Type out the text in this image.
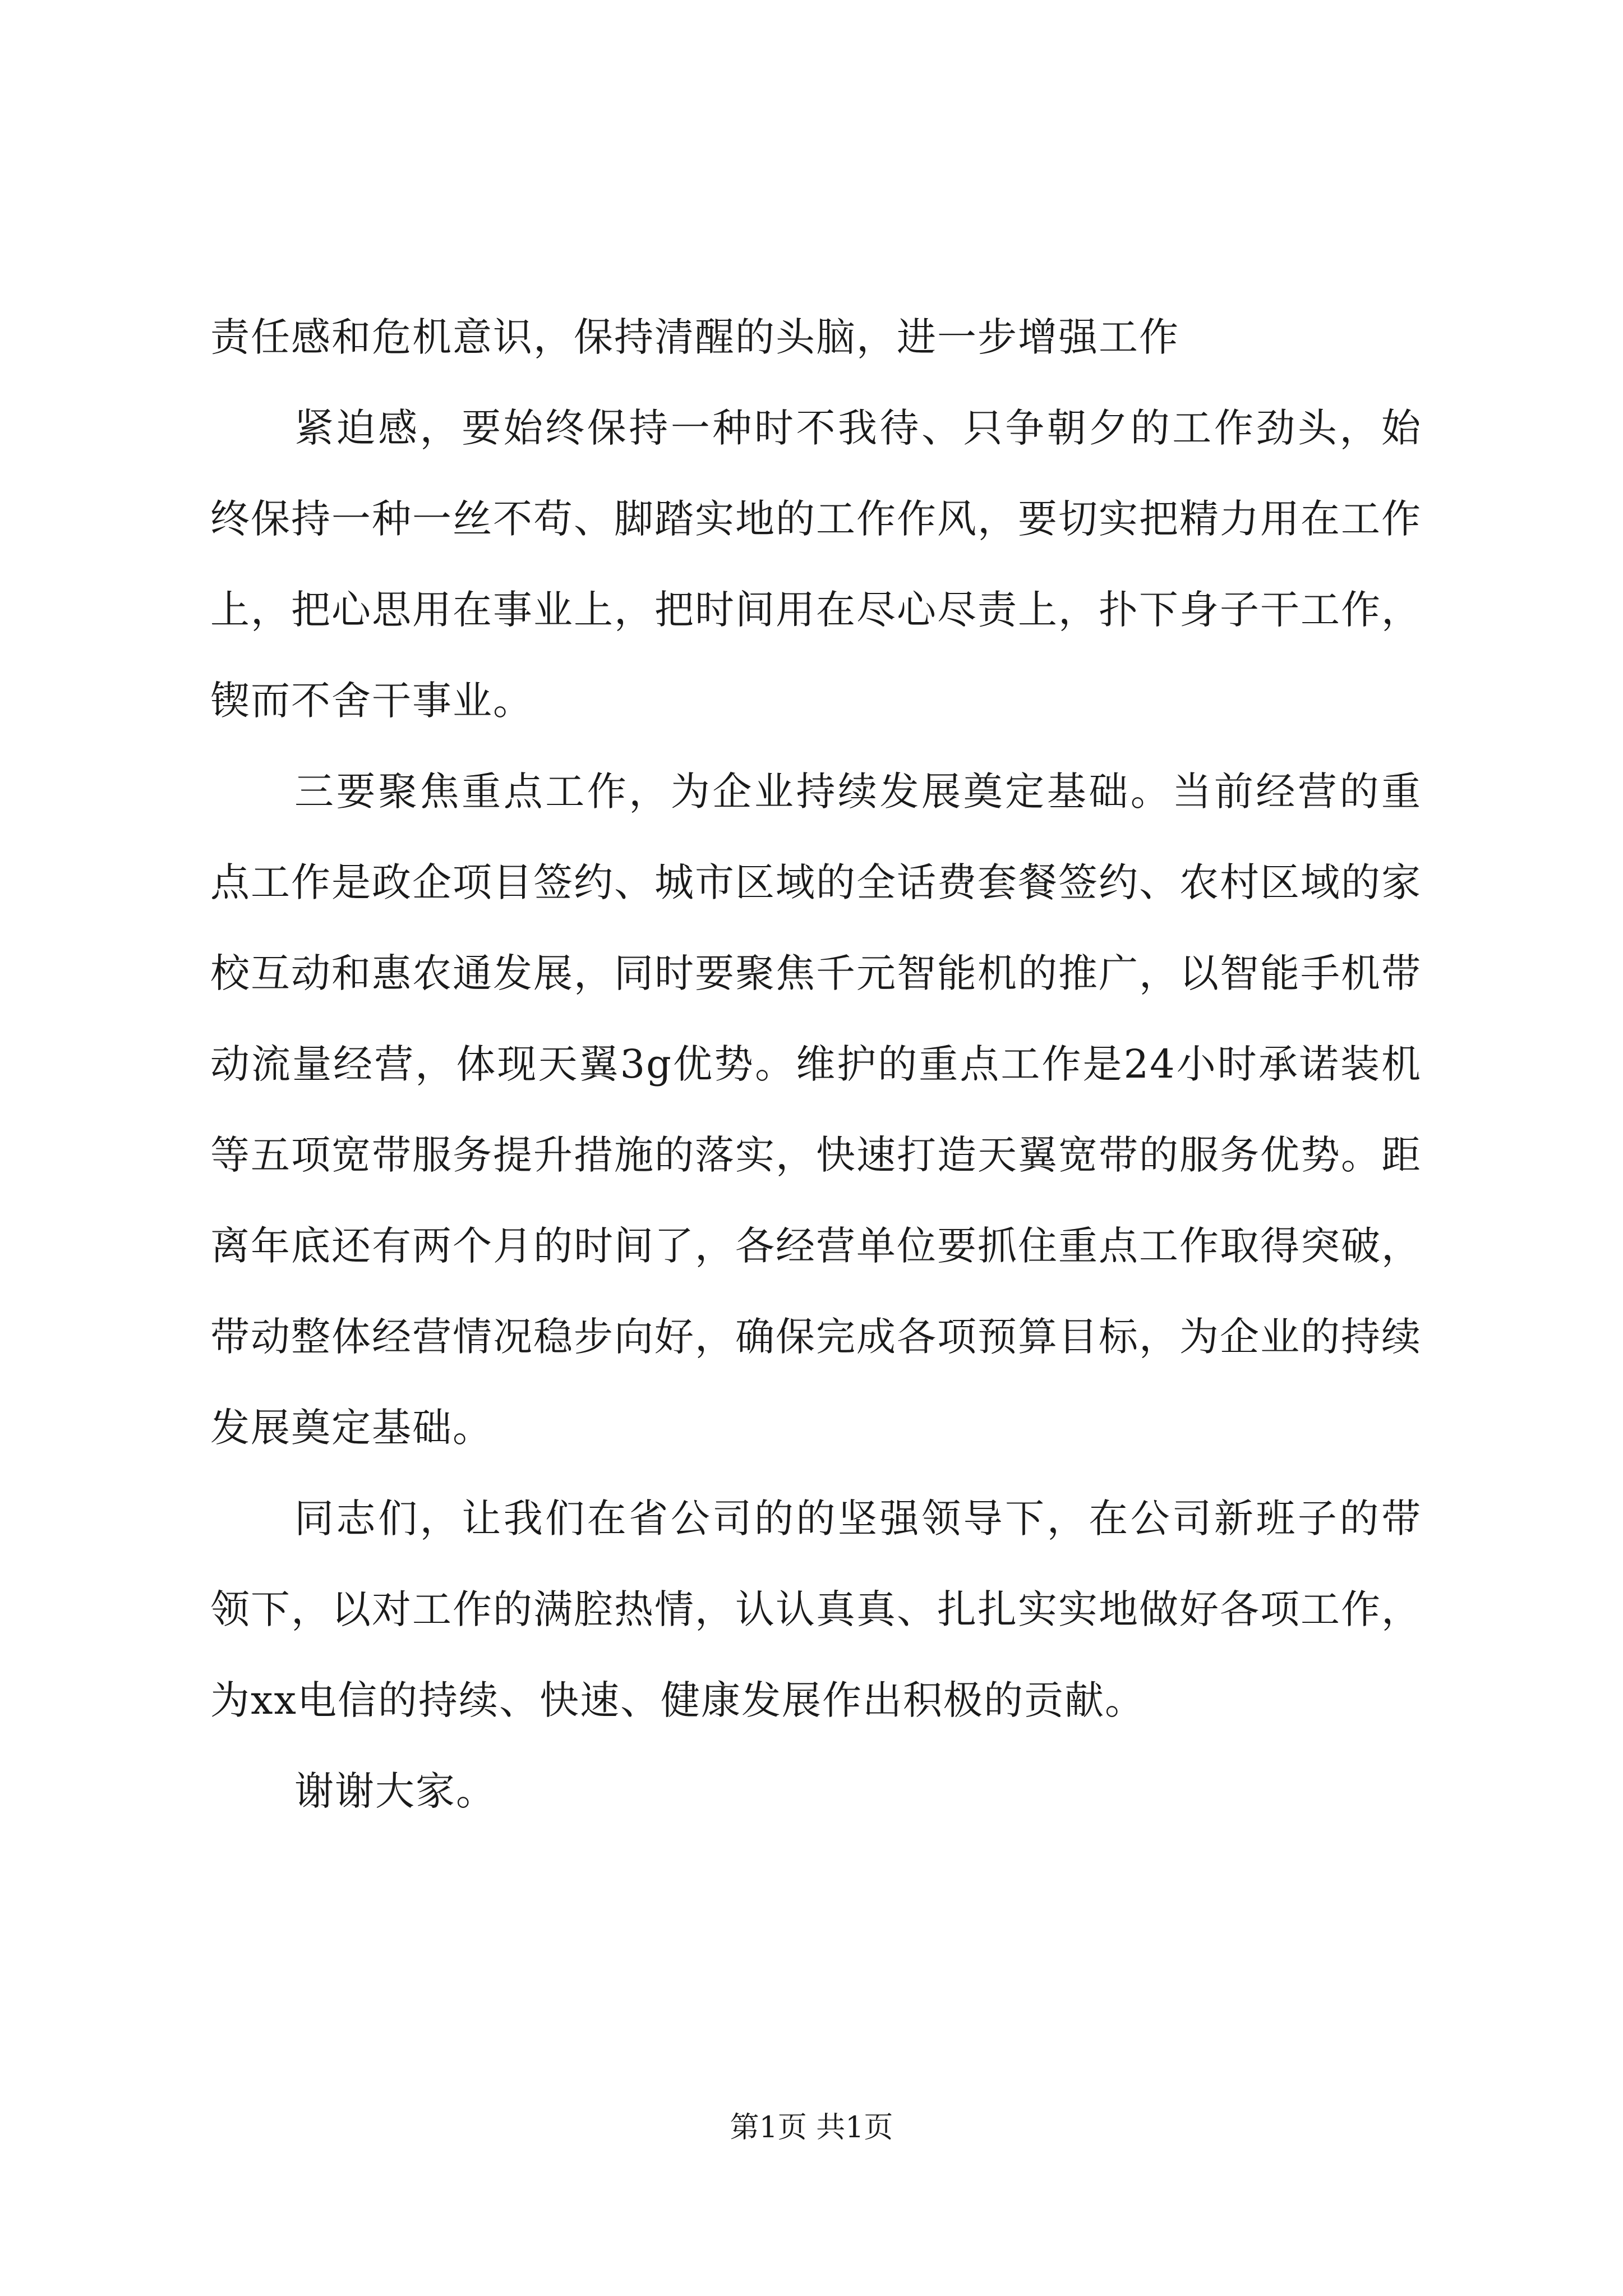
责任感和危机意识，保持清醒的头脑，进一步增强工作

紧迫感，要始终保持一种时不我待、只争朝夕的工作劲头，始终保持一种一丝不苟、脚踏实地的工作作风，要切实把精力用在工作上，把心思用在事业上，把时间用在尽心尽责上，扑下身子干工作，锲而不舍干事业。

三要聚焦重点工作，为企业持续发展奠定基础。当前经营的重点工作是政企项目签约、城市区域的全话费套餐签约、农村区域的家校互动和惠农通发展，同时要聚焦千元智能机的推广，以智能手机带动流量经营，体现天翼3g优势。维护的重点工作是24小时承诺装机等五项宽带服务提升措施的落实，快速打造天翼宽带的服务优势。距离年底还有两个月的时间了，各经营单位要抓住重点工作取得突破，带动整体经营情况稳步向好，确保完成各项预算目标，为企业的持续发展奠定基础。

同志们，让我们在省公司的的坚强领导下，在公司新班子的带领下，以对工作的满腔热情，认认真真、扎扎实实地做好各项工作，为xx电信的持续、快速、健康发展作出积极的贡献。

谢谢大家。

第1页 共1页
